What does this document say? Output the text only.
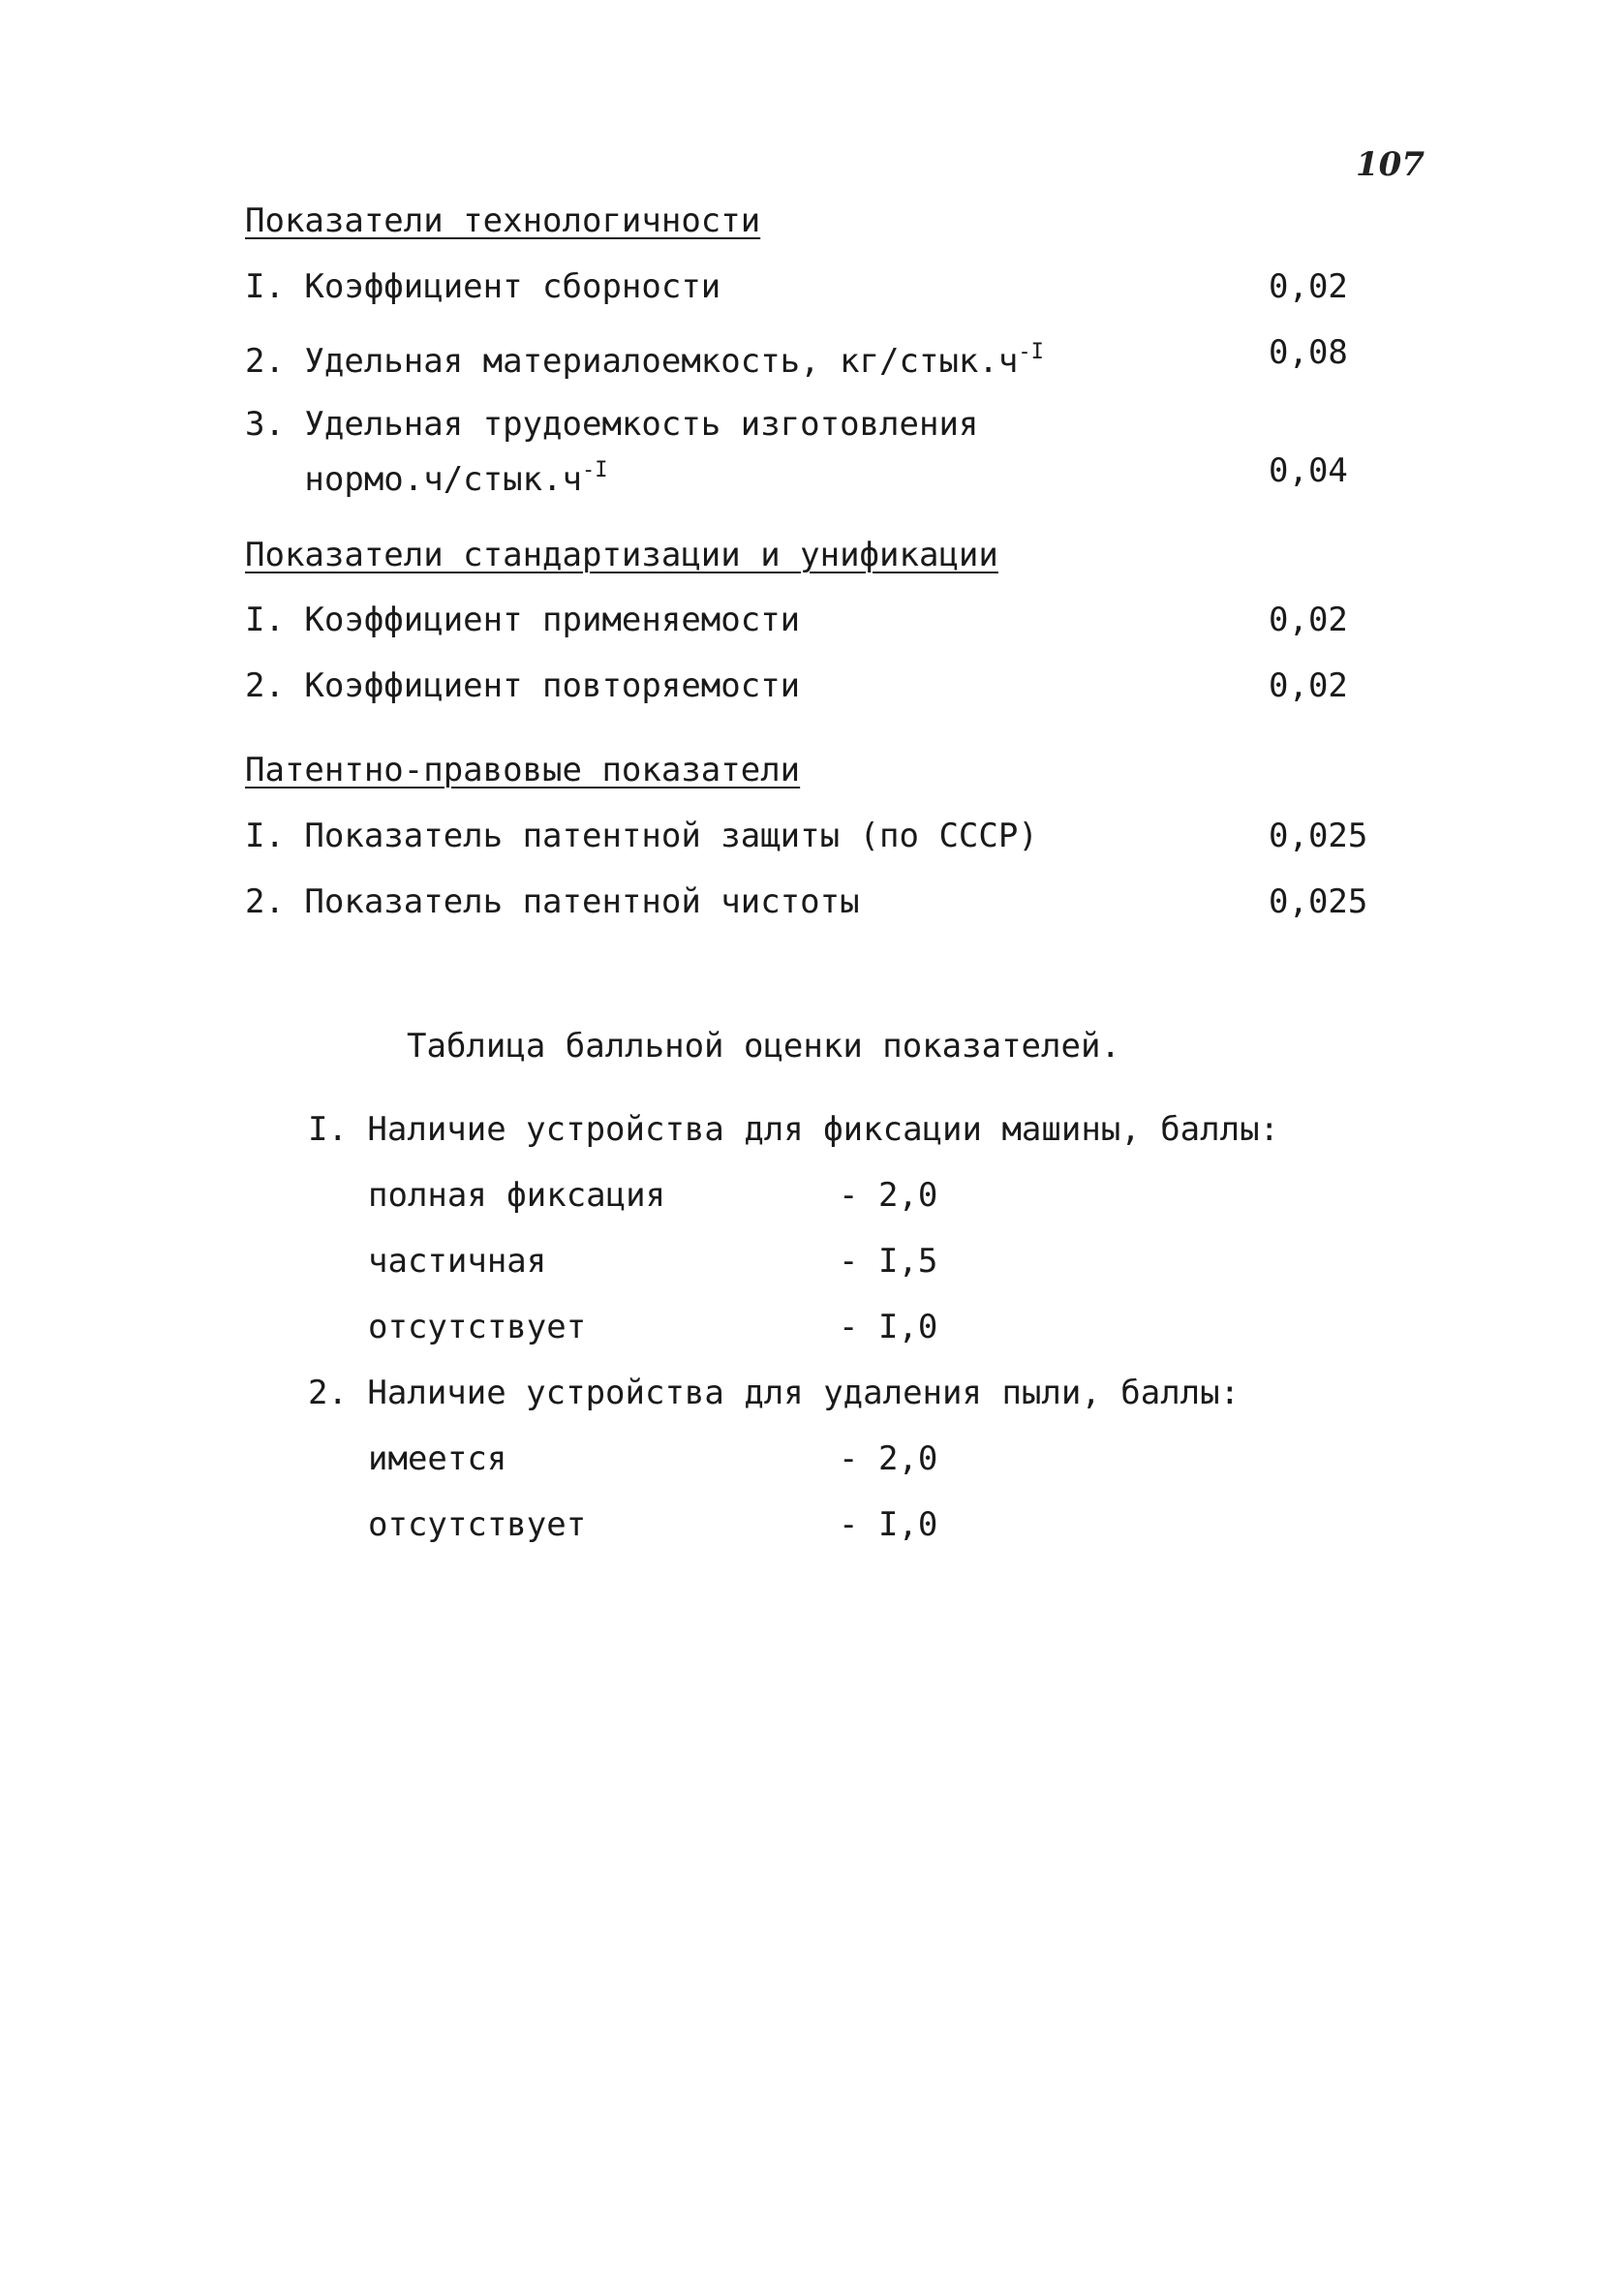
107
Показатели технологичности
I. Коэффициент сборности	0,02
2. Удельная материалоемкость, $кг/стык.ч^{-I}$	0,08
3. Удельная трудоемкость изготовления
$нормо.ч/стык.ч^{-I}$	0,04
Показатели стандартизации и унификации
I. Коэффициент применяемости	0,02
2. Коэффициент повторяемости	0,02
Патентно-правовые показатели
I. Показатель патентной защиты (по СССР)	0,025
2. Показатель патентной чистоты	0,025
Таблица балльной оценки показателей.
I. Наличие устройства для фиксации машины, баллы:
полная фиксация	- 2,0
частичная	- I,5
отсутствует	- I,0
2. Наличие устройства для удаления пыли, баллы:
имеется	- 2,0
отсутствует	- I,0
